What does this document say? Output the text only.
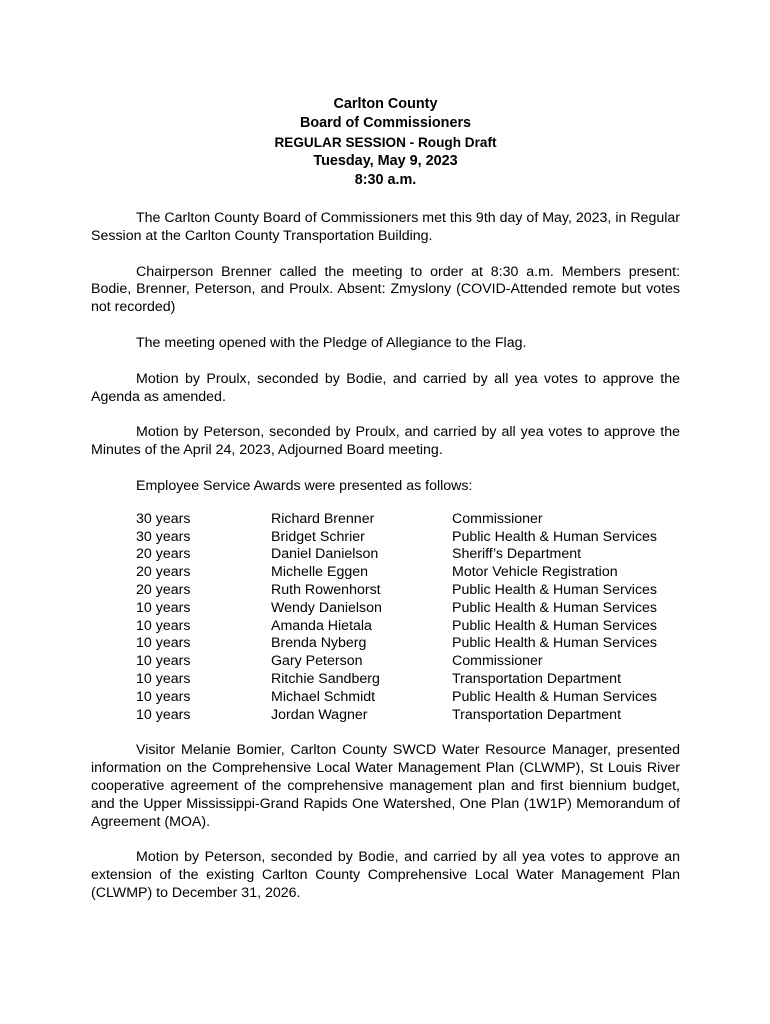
Carlton County
Board of Commissioners
REGULAR SESSION - Rough Draft
Tuesday, May 9, 2023
8:30 a.m.

The Carlton County Board of Commissioners met this 9th day of May, 2023, in Regular Session at the Carlton County Transportation Building.

Chairperson Brenner called the meeting to order at 8:30 a.m. Members present: Bodie, Brenner, Peterson, and Proulx. Absent: Zmyslony (COVID-Attended remote but votes not recorded)

The meeting opened with the Pledge of Allegiance to the Flag.

Motion by Proulx, seconded by Bodie, and carried by all yea votes to approve the Agenda as amended.

Motion by Peterson, seconded by Proulx, and carried by all yea votes to approve the Minutes of the April 24, 2023, Adjourned Board meeting.

Employee Service Awards were presented as follows:

30 years	Richard Brenner	Commissioner
30 years	Bridget Schrier	Public Health & Human Services
20 years	Daniel Danielson	Sheriff’s Department
20 years	Michelle Eggen	Motor Vehicle Registration
20 years	Ruth Rowenhorst	Public Health & Human Services
10 years	Wendy Danielson	Public Health & Human Services
10 years	Amanda Hietala	Public Health & Human Services
10 years	Brenda Nyberg	Public Health & Human Services
10 years	Gary Peterson	Commissioner
10 years	Ritchie Sandberg	Transportation Department
10 years	Michael Schmidt	Public Health & Human Services
10 years	Jordan Wagner	Transportation Department

Visitor Melanie Bomier, Carlton County SWCD Water Resource Manager, presented information on the Comprehensive Local Water Management Plan (CLWMP), St Louis River cooperative agreement of the comprehensive management plan and first biennium budget, and the Upper Mississippi-Grand Rapids One Watershed, One Plan (1W1P) Memorandum of Agreement (MOA).

Motion by Peterson, seconded by Bodie, and carried by all yea votes to approve an extension of the existing Carlton County Comprehensive Local Water Management Plan (CLWMP) to December 31, 2026.
